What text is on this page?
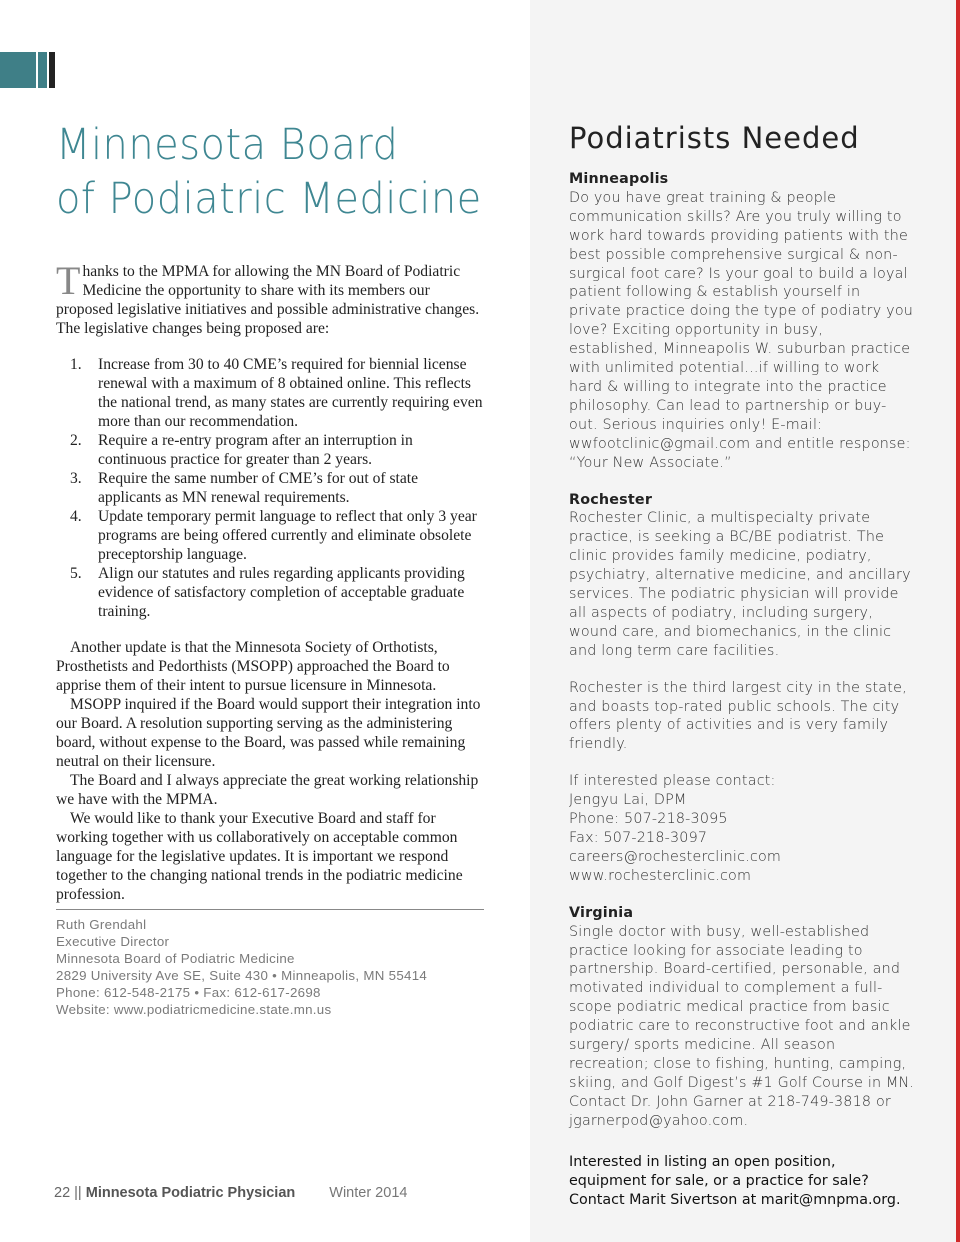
Minnesota Board
of Podiatric Medicine

Thanks to the MPMA for allowing the MN Board of Podiatric Medicine the opportunity to share with its members our proposed legislative initiatives and possible administrative changes. The legislative changes being proposed are:

1. Increase from 30 to 40 CME’s required for biennial license renewal with a maximum of 8 obtained online. This reflects the national trend, as many states are currently requiring even more than our recommendation.
2. Require a re-entry program after an interruption in continuous practice for greater than 2 years.
3. Require the same number of CME’s for out of state applicants as MN renewal requirements.
4. Update temporary permit language to reflect that only 3 year programs are being offered currently and eliminate obsolete preceptorship language.
5. Align our statutes and rules regarding applicants providing evidence of satisfactory completion of acceptable graduate training.

Another update is that the Minnesota Society of Orthotists, Prosthetists and Pedorthists (MSOPP) approached the Board to apprise them of their intent to pursue licensure in Minnesota.

MSOPP inquired if the Board would support their integration into our Board. A resolution supporting serving as the administering board, without expense to the Board, was passed while remaining neutral on their licensure.

The Board and I always appreciate the great working relationship we have with the MPMA.

We would like to thank your Executive Board and staff for working together with us collaboratively on acceptable common language for the legislative updates. It is important we respond together to the changing national trends in the podiatric medicine profession.

Ruth Grendahl
Executive Director
Minnesota Board of Podiatric Medicine
2829 University Ave SE, Suite 430 • Minneapolis, MN 55414
Phone: 612-548-2175 • Fax: 612-617-2698
Website: www.podiatricmedicine.state.mn.us
Podiatrists Needed

Minneapolis

Do you have great training & people communication skills? Are you truly willing to work hard towards providing patients with the best possible comprehensive surgical & non-surgical foot care? Is your goal to build a loyal patient following & establish yourself in private practice doing the type of podiatry you love? Exciting opportunity in busy, established, Minneapolis W. suburban practice with unlimited potential…if willing to work hard & willing to integrate into the practice philosophy. Can lead to partnership or buy-out. Serious inquiries only! E-mail: wwfootclinic@gmail.com and entitle response: “Your New Associate.”

Rochester

Rochester Clinic, a multispecialty private practice, is seeking a BC/BE podiatrist. The clinic provides family medicine, podiatry, psychiatry, alternative medicine, and ancillary services. The podiatric physician will provide all aspects of podiatry, including surgery, wound care, and biomechanics, in the clinic and long term care facilities.

Rochester is the third largest city in the state, and boasts top-rated public schools. The city offers plenty of activities and is very family friendly.

If interested please contact:
Jengyu Lai, DPM
Phone: 507-218-3095
Fax: 507-218-3097
careers@rochesterclinic.com
www.rochesterclinic.com

Virginia

Single doctor with busy, well-established practice looking for associate leading to partnership. Board-certified, personable, and motivated individual to complement a full-scope podiatric medical practice from basic podiatric care to reconstructive foot and ankle surgery/ sports medicine. All season recreation; close to fishing, hunting, camping, skiing, and Golf Digest’s #1 Golf Course in MN. Contact Dr. John Garner at 218-749-3818 or jgarnerpod@yahoo.com.

Interested in listing an open position, equipment for sale, or a practice for sale? Contact Marit Sivertson at marit@mnpma.org.

22 || Minnesota Podiatric Physician Winter 2014
